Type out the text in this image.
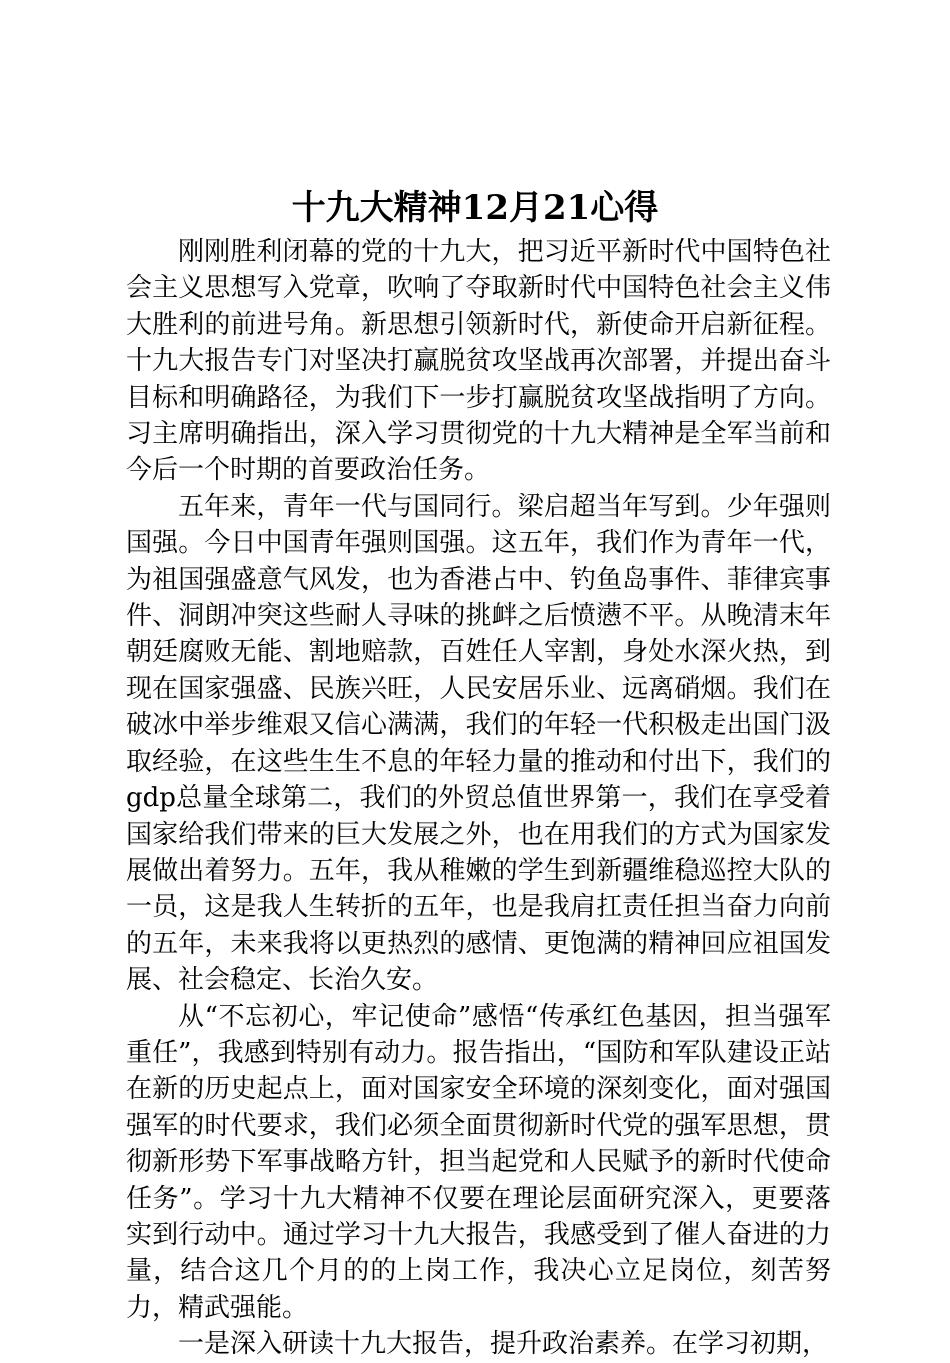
十九大精神12月21心得

刚刚胜利闭幕的党的十九大，把习近平新时代中国特色社会主义思想写入党章，吹响了夺取新时代中国特色社会主义伟大胜利的前进号角。新思想引领新时代，新使命开启新征程。十九大报告专门对坚决打赢脱贫攻坚战再次部署，并提出奋斗目标和明确路径，为我们下一步打赢脱贫攻坚战指明了方向。习主席明确指出，深入学习贯彻党的十九大精神是全军当前和今后一个时期的首要政治任务。

五年来，青年一代与国同行。梁启超当年写到。少年强则国强。今日中国青年强则国强。这五年，我们作为青年一代，为祖国强盛意气风发，也为香港占中、钓鱼岛事件、菲律宾事件、洞朗冲突这些耐人寻味的挑衅之后愤懑不平。从晚清末年朝廷腐败无能、割地赔款，百姓任人宰割，身处水深火热，到现在国家强盛、民族兴旺，人民安居乐业、远离硝烟。我们在破冰中举步维艰又信心满满，我们的年轻一代积极走出国门汲取经验，在这些生生不息的年轻力量的推动和付出下，我们的gdp总量全球第二，我们的外贸总值世界第一，我们在享受着国家给我们带来的巨大发展之外，也在用我们的方式为国家发展做出着努力。五年，我从稚嫩的学生到新疆维稳巡控大队的一员，这是我人生转折的五年，也是我肩扛责任担当奋力向前的五年，未来我将以更热烈的感情、更饱满的精神回应祖国发展、社会稳定、长治久安。

从“不忘初心，牢记使命”感悟“传承红色基因，担当强军重任”，我感到特别有动力。报告指出，“国防和军队建设正站在新的历史起点上，面对国家安全环境的深刻变化，面对强国强军的时代要求，我们必须全面贯彻新时代党的强军思想，贯彻新形势下军事战略方针，担当起党和人民赋予的新时代使命任务”。学习十九大精神不仅要在理论层面研究深入，更要落实到行动中。通过学习十九大报告，我感受到了催人奋进的力量，结合这几个月的的上岗工作，我决心立足岗位，刻苦努力，精武强能。

一是深入研读十九大报告，提升政治素养。在学习初期，
